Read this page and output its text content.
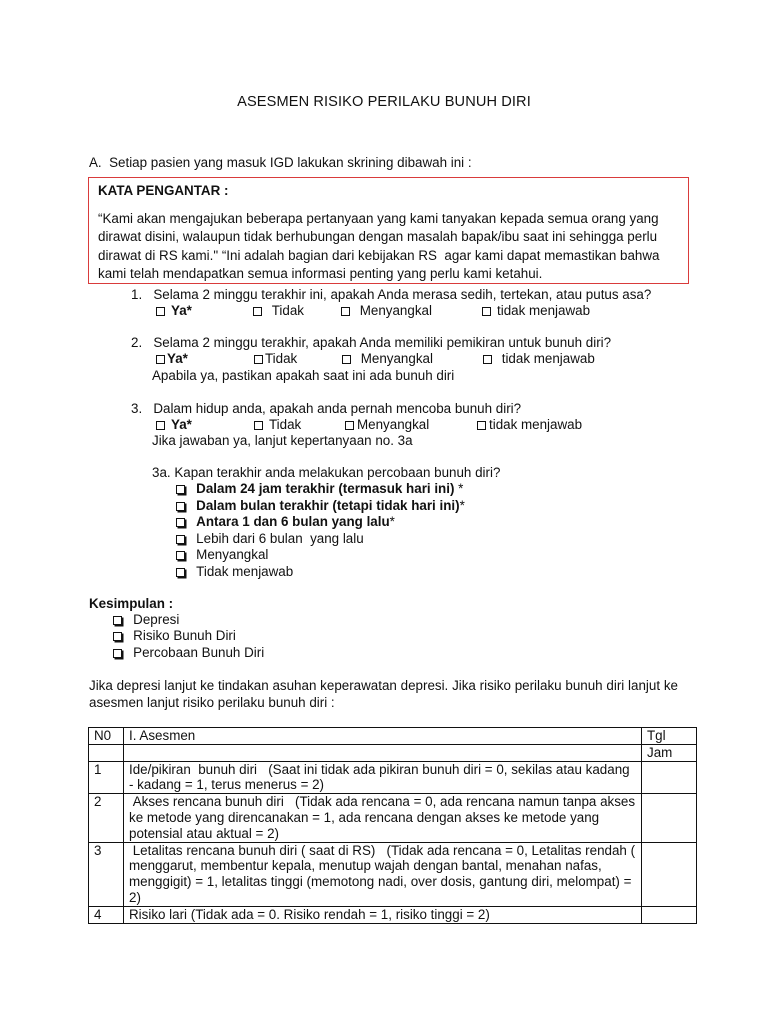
ASESMEN RISIKO PERILAKU BUNUH DIRI
A.  Setiap pasien yang masuk IGD lakukan skrining dibawah ini :
KATA PENGANTAR :
“Kami akan mengajukan beberapa pertanyaan yang kami tanyakan kepada semua orang yang dirawat disini, walaupun tidak berhubungan dengan masalah bapak/ibu saat ini sehingga perlu dirawat di RS kami." “Ini adalah bagian dari kebijakan RS  agar kami dapat memastikan bahwa kami telah mendapatkan semua informasi penting yang perlu kami ketahui.
1.   Selama 2 minggu terakhir ini, apakah Anda merasa sedih, tertekan, atau putus asa?
Ya*	Tidak	Menyangkal	tidak menjawab
2.   Selama 2 minggu terakhir, apakah Anda memiliki pemikiran untuk bunuh diri?
Ya*	Tidak	Menyangkal	tidak menjawab
Apabila ya, pastikan apakah saat ini ada bunuh diri
3.   Dalam hidup anda, apakah anda pernah mencoba bunuh diri?
Ya*	Tidak	Menyangkal	tidak menjawab
Jika jawaban ya, lanjut kepertanyaan no. 3a
3a. Kapan terakhir anda melakukan percobaan bunuh diri?
Dalam 24 jam terakhir (termasuk hari ini) *
Dalam bulan terakhir (tetapi tidak hari ini)*
Antara 1 dan 6 bulan yang lalu*
Lebih dari 6 bulan  yang lalu
Menyangkal
Tidak menjawab
Kesimpulan :
Depresi
Risiko Bunuh Diri
Percobaan Bunuh Diri
Jika depresi lanjut ke tindakan asuhan keperawatan depresi. Jika risiko perilaku bunuh diri lanjut ke asesmen lanjut risiko perilaku bunuh diri :
N0	I. Asesmen	Tgl
		Jam
1	Ide/pikiran  bunuh diri   (Saat ini tidak ada pikiran bunuh diri = 0, sekilas atau kadang - kadang = 1, terus menerus = 2)	
2	Akses rencana bunuh diri   (Tidak ada rencana = 0, ada rencana namun tanpa akses ke metode yang direncanakan = 1, ada rencana dengan akses ke metode yang potensial atau aktual = 2)	
3	Letalitas rencana bunuh diri ( saat di RS)   (Tidak ada rencana = 0, Letalitas rendah ( menggarut, membentur kepala, menutup wajah dengan bantal, menahan nafas, menggigit) = 1, letalitas tinggi (memotong nadi, over dosis, gantung diri, melompat) = 2)	
4	Risiko lari (Tidak ada = 0. Risiko rendah = 1, risiko tinggi = 2)	
